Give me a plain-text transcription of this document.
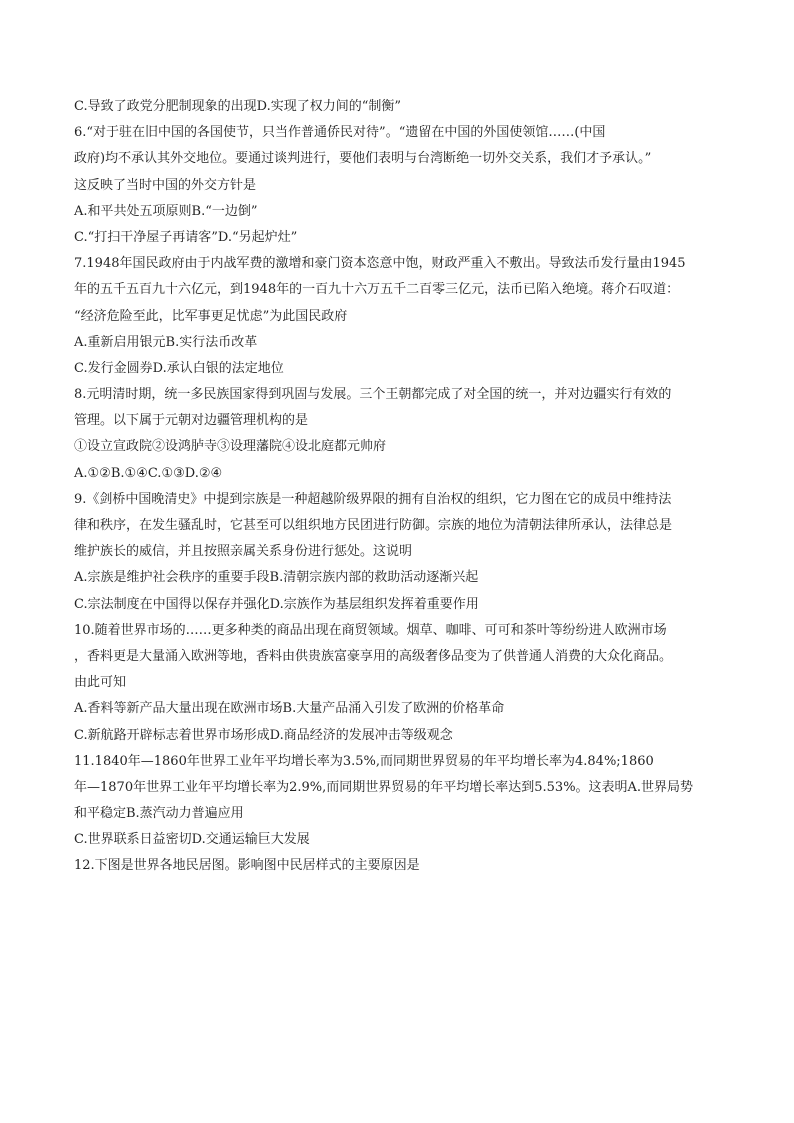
C.导致了政党分肥制现象的出现D.实现了权力间的“制衡”
6.“对于驻在旧中国的各国使节，只当作普通侨民对待”。“遗留在中国的外国使领馆……(中国
政府)均不承认其外交地位。要通过谈判进行，要他们表明与台湾断绝一切外交关系，我们才予承认。”
这反映了当时中国的外交方针是
A.和平共处五项原则B.“一边倒”
C.“打扫干净屋子再请客”D.“另起炉灶”
7.1948年国民政府由于内战军费的激增和豪门资本恣意中饱，财政严重入不敷出。导致法币发行量由1945
年的五千五百九十六亿元，到1948年的一百九十六万五千二百零三亿元，法币已陷入绝境。蒋介石叹道：
“经济危险至此，比军事更足忧虑”为此国民政府
A.重新启用银元B.实行法币改革
C.发行金圆券D.承认白银的法定地位
8.元明清时期，统一多民族国家得到巩固与发展。三个王朝都完成了对全国的统一，并对边疆实行有效的
管理。以下属于元朝对边疆管理机构的是
①设立宣政院②设鸿胪寺③设理藩院④设北庭都元帅府
A.①②B.①④C.①③D.②④
9.《剑桥中国晚清史》中提到宗族是一种超越阶级界限的拥有自治权的组织，它力图在它的成员中维持法
律和秩序，在发生骚乱时，它甚至可以组织地方民团进行防御。宗族的地位为清朝法律所承认，法律总是
维护族长的威信，并且按照亲属关系身份进行惩处。这说明
A.宗族是维护社会秩序的重要手段B.清朝宗族内部的救助活动逐渐兴起
C.宗法制度在中国得以保存并强化D.宗族作为基层组织发挥着重要作用
10.随着世界市场的……更多种类的商品出现在商贸领域。烟草、咖啡、可可和茶叶等纷纷进人欧洲市场
，香料更是大量涌入欧洲等地，香料由供贵族富豪享用的高级奢侈品变为了供普通人消费的大众化商品。
由此可知
A.香料等新产品大量出现在欧洲市场B.大量产品涌入引发了欧洲的价格革命
C.新航路开辟标志着世界市场形成D.商品经济的发展冲击等级观念
11.1840年—1860年世界工业年平均增长率为3.5%,而同期世界贸易的年平均增长率为4.84%;1860
年—1870年世界工业年平均增长率为2.9%,而同期世界贸易的年平均增长率达到5.53%。这表明A.世界局势
和平稳定B.蒸汽动力普遍应用
C.世界联系日益密切D.交通运输巨大发展
12.下图是世界各地民居图。影响图中民居样式的主要原因是
